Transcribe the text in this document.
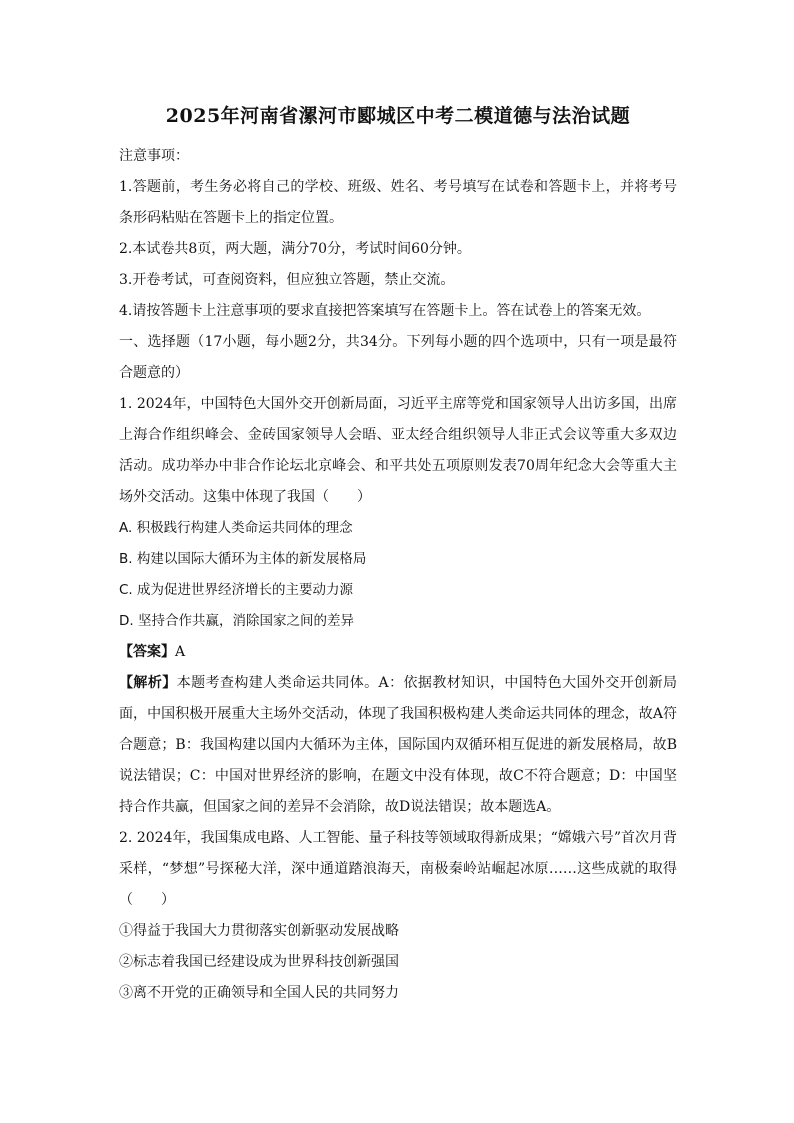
2025年河南省漯河市郾城区中考二模道德与法治试题

注意事项：

1.答题前，考生务必将自己的学校、班级、姓名、考号填写在试卷和答题卡上，并将考号条形码粘贴在答题卡上的指定位置。

2.本试卷共8页，两大题，满分70分，考试时间60分钟。

3.开卷考试，可查阅资料，但应独立答题，禁止交流。

4.请按答题卡上注意事项的要求直接把答案填写在答题卡上。答在试卷上的答案无效。

一、选择题（17小题，每小题2分，共34分。下列每小题的四个选项中，只有一项是最符合题意的）

1. 2024年，中国特色大国外交开创新局面，习近平主席等党和国家领导人出访多国，出席上海合作组织峰会、金砖国家领导人会晤、亚太经合组织领导人非正式会议等重大多双边活动。成功举办中非合作论坛北京峰会、和平共处五项原则发表70周年纪念大会等重大主场外交活动。这集中体现了我国（　　）

A. 积极践行构建人类命运共同体的理念

B. 构建以国际大循环为主体的新发展格局

C. 成为促进世界经济增长的主要动力源

D. 坚持合作共赢，消除国家之间的差异

【答案】A

【解析】本题考查构建人类命运共同体。A：依据教材知识，中国特色大国外交开创新局面，中国积极开展重大主场外交活动，体现了我国积极构建人类命运共同体的理念，故A符合题意；B：我国构建以国内大循环为主体，国际国内双循环相互促进的新发展格局，故B说法错误；C：中国对世界经济的影响，在题文中没有体现，故C不符合题意；D：中国坚持合作共赢，但国家之间的差异不会消除，故D说法错误；故本题选A。

2. 2024年，我国集成电路、人工智能、量子科技等领域取得新成果；“嫦娥六号”首次月背采样，“梦想”号探秘大洋，深中通道踏浪海天，南极秦岭站崛起冰原……这些成就的取得（　　）

①得益于我国大力贯彻落实创新驱动发展战略

②标志着我国已经建设成为世界科技创新强国

③离不开党的正确领导和全国人民的共同努力
